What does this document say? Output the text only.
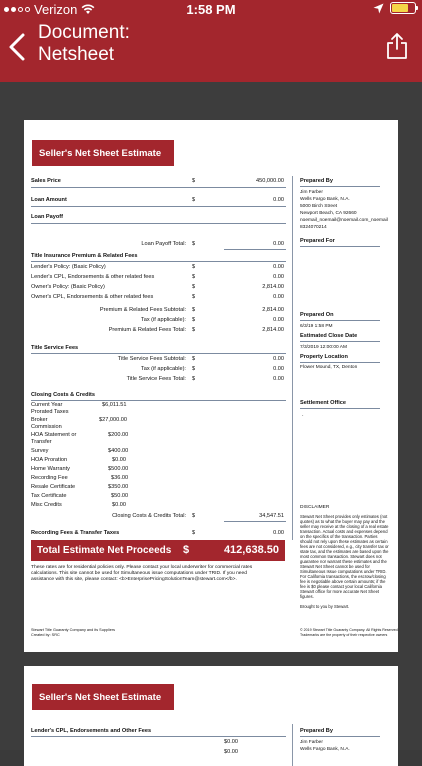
Verizon	1:58 PM
Document:
Netsheet
Seller's Net Sheet Estimate
Sales Price	$	450,000.00
Loan Amount	$	0.00
Loan Payoff
Loan Payoff Total: $	0.00
Title Insurance Premium & Related Fees
Lender's Policy: (Basic Policy)	$	0.00
Lender's CPL, Endorsements & other related fees	$	0.00
Owner's Policy: (Basic Policy)	$	2,814.00
Owner's CPL, Endorsements & other related fees	$	0.00
Premium & Related Fees Subtotal: $	2,814.00
Tax (if applicable): $	0.00
Premium & Related Fees Total: $	2,814.00
Title Service Fees
Title Service Fees Subtotal: $	0.00
Tax (if applicable): $	0.00
Title Service Fees Total: $	0.00
Closing Costs & Credits
Current Year	$6,011.51
Prorated Taxes
Broker	$27,000.00
Commission
HOA Statement or	$200.00
Transfer
Survey	$400.00
HOA Proration	$0.00
Home Warranty	$500.00
Recording Fee	$36.00
Resale Certificate	$350.00
Tax Certificate	$50.00
Misc Credits	$0.00
Closing Costs & Credits Total: $	34,547.51
Recording Fees & Transfer Taxes	$	0.00
Total Estimate Net Proceeds $	412,638.50
These rates are for residential policies only. Please contact your local underwriter for commercial rates
calculations. This site cannot be used for Simultaneous issue computations under TRID. If you need
assistance with this site, please contact: <b>EnterprisePricingSolutionTeam@stewart.com</b>.
Prepared By
Jim Farber
Wells Fargo Bank, N.A.
5000 Birch Street
Newport Beach, CA 92660
noemail_noemail@noemail.com_noemail
8324070214
Prepared For
Prepared On
6/3/19 1:58 PM
Estimated Close Date
7/3/2019 12:00:00 AM
Property Location
Flower Mound, TX, Denton
Settlement Office
.
DISCLAIMER
Stewart Net Sheet provides only estimates (not
quotes) as to what the buyer may pay and the
seller may receive at the closing of a real estate
transaction. Actual costs and expenses depend
on the specifics of the transaction. Parties
should not rely upon these estimates as certain
fees are not considered, e.g., city transfer tax or
state tax, and the estimates are based upon the
most common transaction. Stewart does not
guarantee nor warrant these estimates and the
Stewart Net Sheet cannot be used for
Simultaneous Issue computations under TRID.
For California transactions, the escrow/closing
fee is negotiable above certain amounts; if the
fee is $0 please contact your local California
Stewart office for more accurate Net Sheet
figures.
Brought to you by Stewart.
Stewart Title Guaranty Company and its Suppliers
Created by: SRC
© 2019 Stewart Title Guaranty Company. All Rights Reserved.
Trademarks are the property of their respective owners
Seller's Net Sheet Estimate
Lender's CPL, Endorsements and Other Fees
$0.00
$0.00
Prepared By
Jim Farber
Wells Fargo Bank, N.A.
